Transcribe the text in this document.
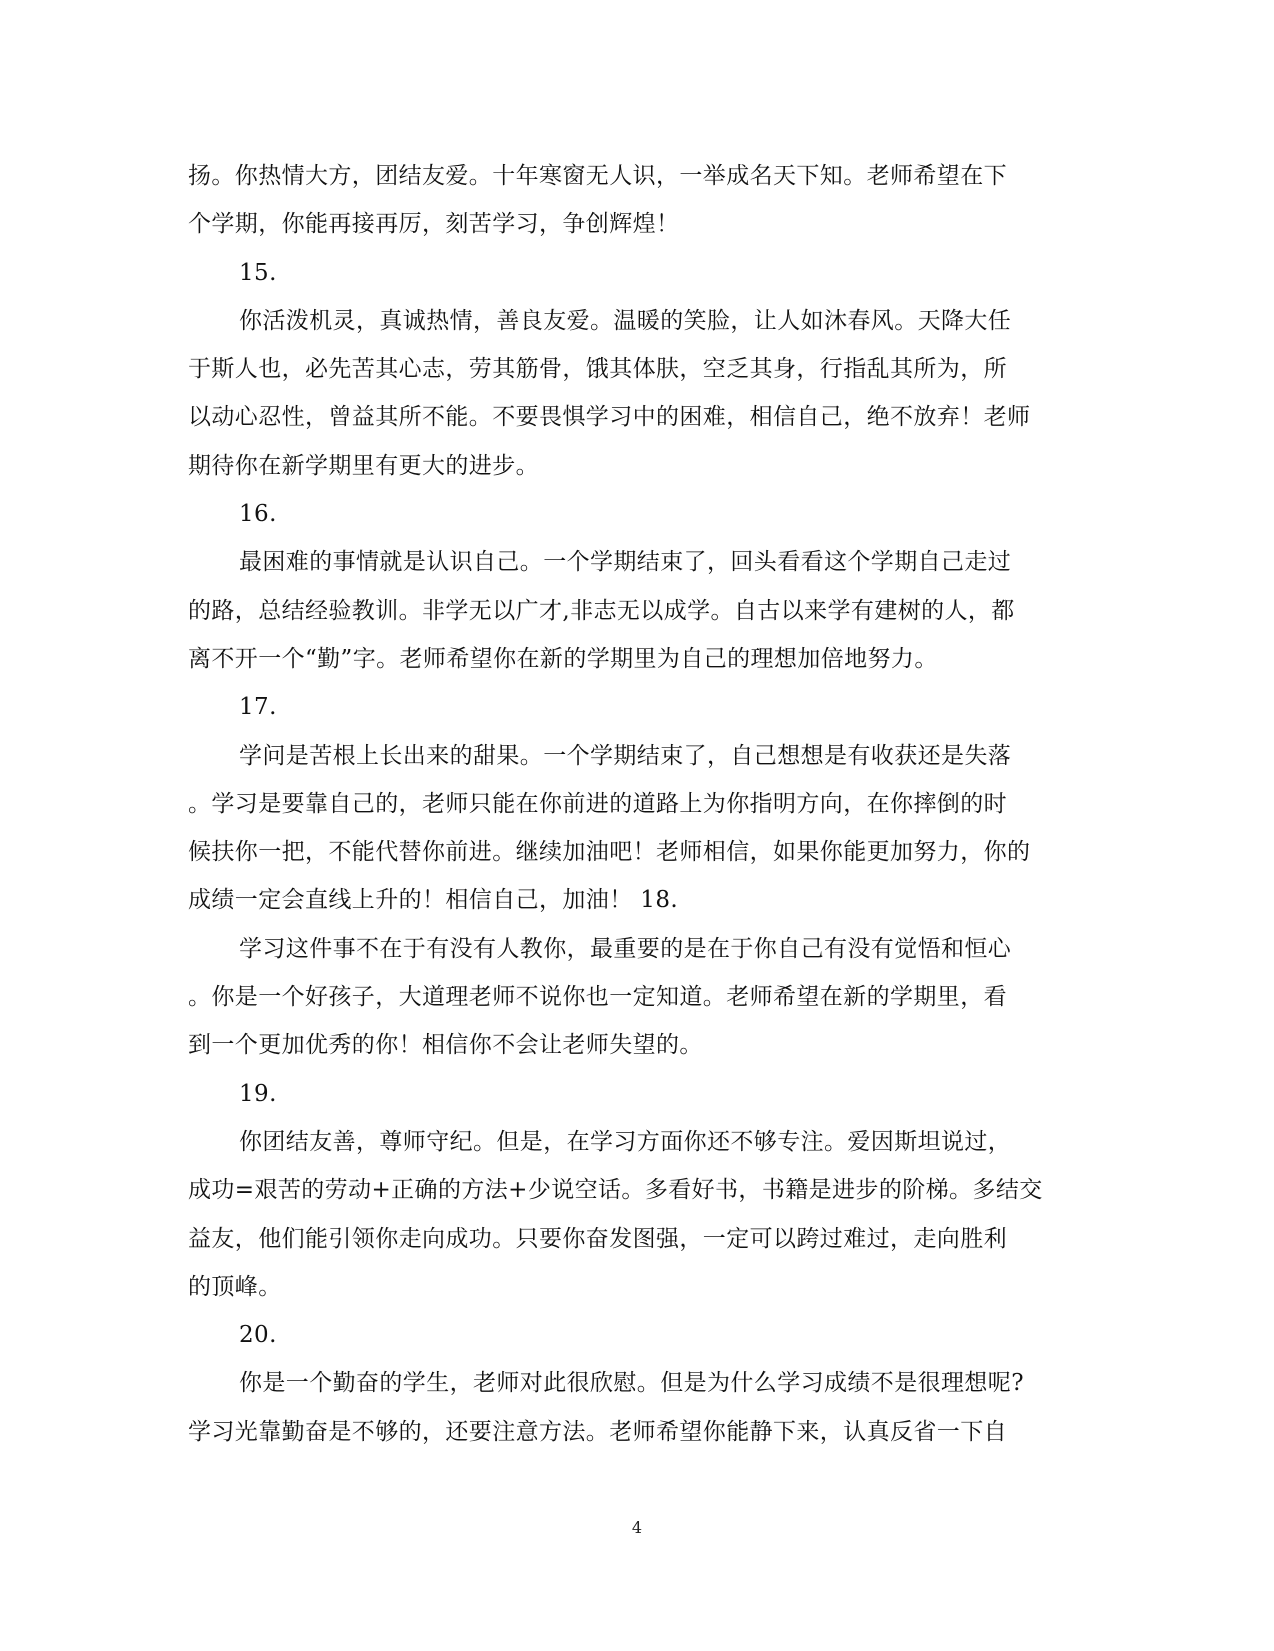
扬。你热情大方，团结友爱。十年寒窗无人识，一举成名天下知。老师希望在下
个学期，你能再接再厉，刻苦学习，争创辉煌！
15.
你活泼机灵，真诚热情，善良友爱。温暖的笑脸，让人如沐春风。天降大任
于斯人也，必先苦其心志，劳其筋骨，饿其体肤，空乏其身，行指乱其所为，所
以动心忍性，曾益其所不能。不要畏惧学习中的困难，相信自己，绝不放弃！老师
期待你在新学期里有更大的进步。
16.
最困难的事情就是认识自己。一个学期结束了，回头看看这个学期自己走过
的路，总结经验教训。非学无以广才,非志无以成学。自古以来学有建树的人，都
离不开一个“勤”字。老师希望你在新的学期里为自己的理想加倍地努力。
17.
学问是苦根上长出来的甜果。一个学期结束了，自己想想是有收获还是失落
。学习是要靠自己的，老师只能在你前进的道路上为你指明方向，在你摔倒的时
候扶你一把，不能代替你前进。继续加油吧！老师相信，如果你能更加努力，你的
成绩一定会直线上升的！相信自己，加油！ 18.
学习这件事不在于有没有人教你，最重要的是在于你自己有没有觉悟和恒心
。你是一个好孩子，大道理老师不说你也一定知道。老师希望在新的学期里，看
到一个更加优秀的你！相信你不会让老师失望的。
19.
你团结友善，尊师守纪。但是，在学习方面你还不够专注。爱因斯坦说过，
成功=艰苦的劳动+正确的方法+少说空话。多看好书，书籍是进步的阶梯。多结交
益友，他们能引领你走向成功。只要你奋发图强，一定可以跨过难过，走向胜利
的顶峰。
20.
你是一个勤奋的学生，老师对此很欣慰。但是为什么学习成绩不是很理想呢?
学习光靠勤奋是不够的，还要注意方法。老师希望你能静下来，认真反省一下自
4
